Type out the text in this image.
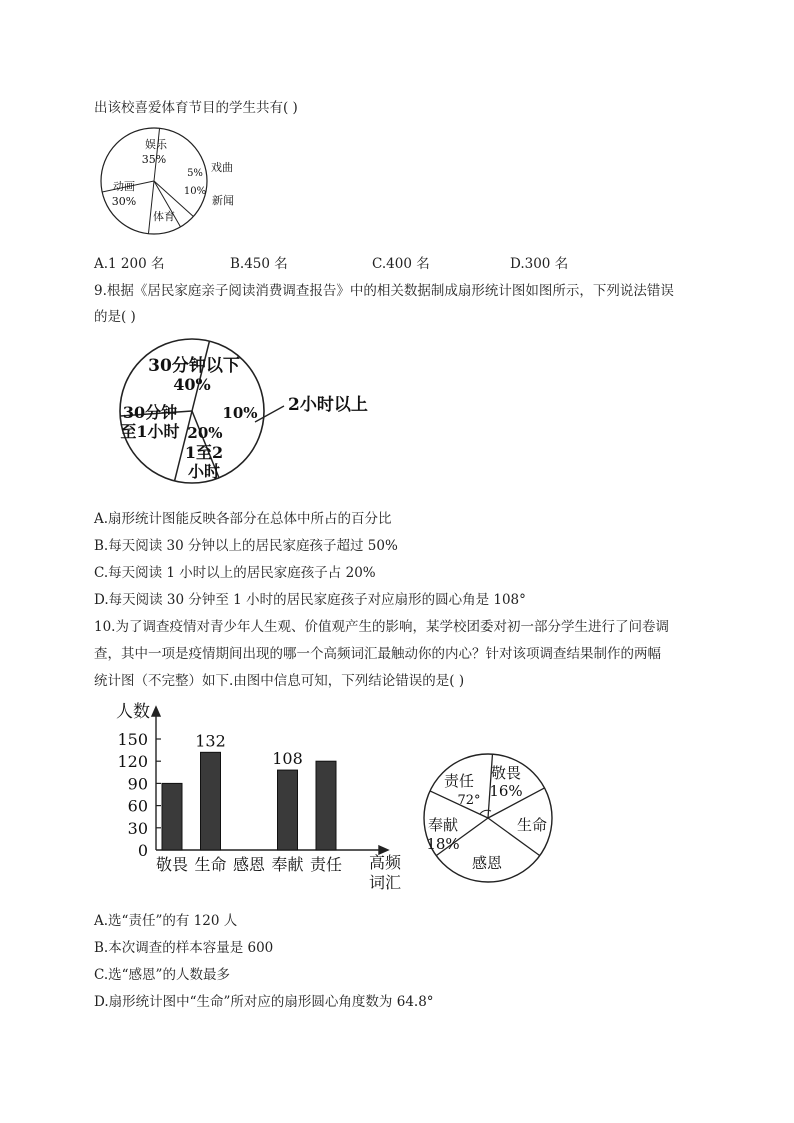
出该校喜爱体育节目的学生共有( )
娱乐
35%
5% 戏曲
10%
新闻
体育
动画
30%
A.1 200 名	B.450 名	C.400 名	D.300 名
9.根据《居民家庭亲子阅读消费调查报告》中的相关数据制成扇形统计图如图所示，下列说法错误
的是( )
30分钟以下
40%
10% 2小时以上
20%
1至2
小时
30分钟
至1小时
A.扇形统计图能反映各部分在总体中所占的百分比
B.每天阅读 30 分钟以上的居民家庭孩子超过 50%
C.每天阅读 1 小时以上的居民家庭孩子占 20%
D.每天阅读 30 分钟至 1 小时的居民家庭孩子对应扇形的圆心角是 108°
10.为了调查疫情对青少年人生观、价值观产生的影响，某学校团委对初一部分学生进行了问卷调
查，其中一项是疫情期间出现的哪一个高频词汇最触动你的内心？针对该项调查结果制作的两幅
统计图（不完整）如下.由图中信息可知，下列结论错误的是( )
0
30
60
90
120
150	132
108
敬畏 生命 感恩 奉献 责任
人数
高频
词汇
敬畏
16%
生命
感恩
奉献
18%
责任
72°
A.选“责任”的有 120 人
B.本次调查的样本容量是 600
C.选“感恩”的人数最多
D.扇形统计图中“生命”所对应的扇形圆心角度数为 64.8°
